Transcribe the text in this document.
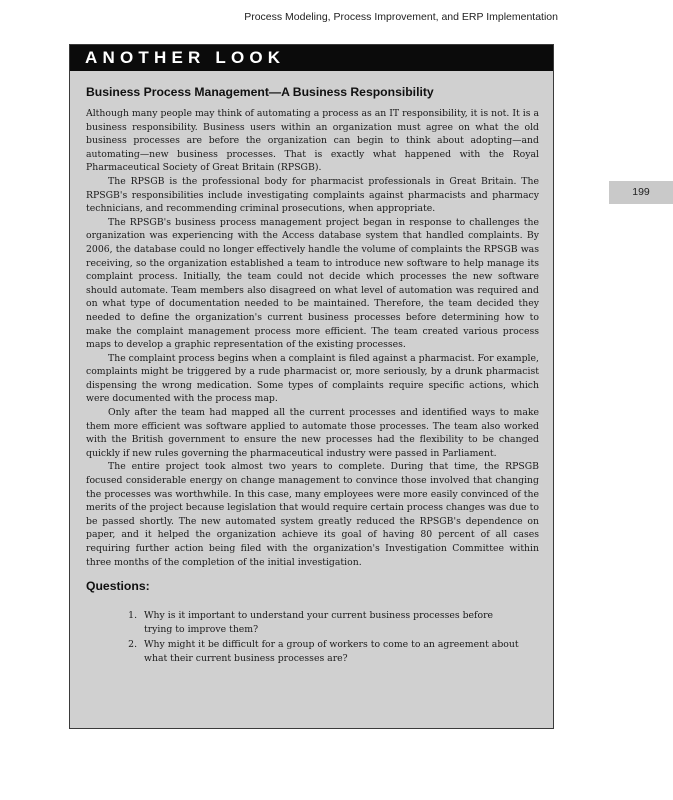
Process Modeling, Process Improvement, and ERP Implementation
199
ANOTHER LOOK
Business Process Management—A Business Responsibility

Although many people may think of automating a process as an IT responsibility, it is not. It is a business responsibility. Business users within an organization must agree on what the old business processes are before the organization can begin to think about adopting—and automating—new business processes. That is exactly what happened with the Royal Pharmaceutical Society of Great Britain (RPSGB).

The RPSGB is the professional body for pharmacist professionals in Great Britain. The RPSGB's responsibilities include investigating complaints against pharmacists and pharmacy technicians, and recommending criminal prosecutions, when appropriate.

The RPSGB's business process management project began in response to challenges the organization was experiencing with the Access database system that handled complaints. By 2006, the database could no longer effectively handle the volume of complaints the RPSGB was receiving, so the organization established a team to introduce new software to help manage its complaint process. Initially, the team could not decide which processes the new software should automate. Team members also disagreed on what level of automation was required and on what type of documentation needed to be maintained. Therefore, the team decided they needed to define the organization's current business processes before determining how to make the complaint management process more efficient. The team created various process maps to develop a graphic representation of the existing processes.

The complaint process begins when a complaint is filed against a pharmacist. For example, complaints might be triggered by a rude pharmacist or, more seriously, by a drunk pharmacist dispensing the wrong medication. Some types of complaints require specific actions, which were documented with the process map.

Only after the team had mapped all the current processes and identified ways to make them more efficient was software applied to automate those processes. The team also worked with the British government to ensure the new processes had the flexibility to be changed quickly if new rules governing the pharmaceutical industry were passed in Parliament.

The entire project took almost two years to complete. During that time, the RPSGB focused considerable energy on change management to convince those involved that changing the processes was worthwhile. In this case, many employees were more easily convinced of the merits of the project because legislation that would require certain process changes was due to be passed shortly. The new automated system greatly reduced the RPSGB's dependence on paper, and it helped the organization achieve its goal of having 80 percent of all cases requiring further action being filed with the organization's Investigation Committee within three months of the completion of the initial investigation.

Questions:
1. Why is it important to understand your current business processes before trying to improve them?
2. Why might it be difficult for a group of workers to come to an agreement about what their current business processes are?
